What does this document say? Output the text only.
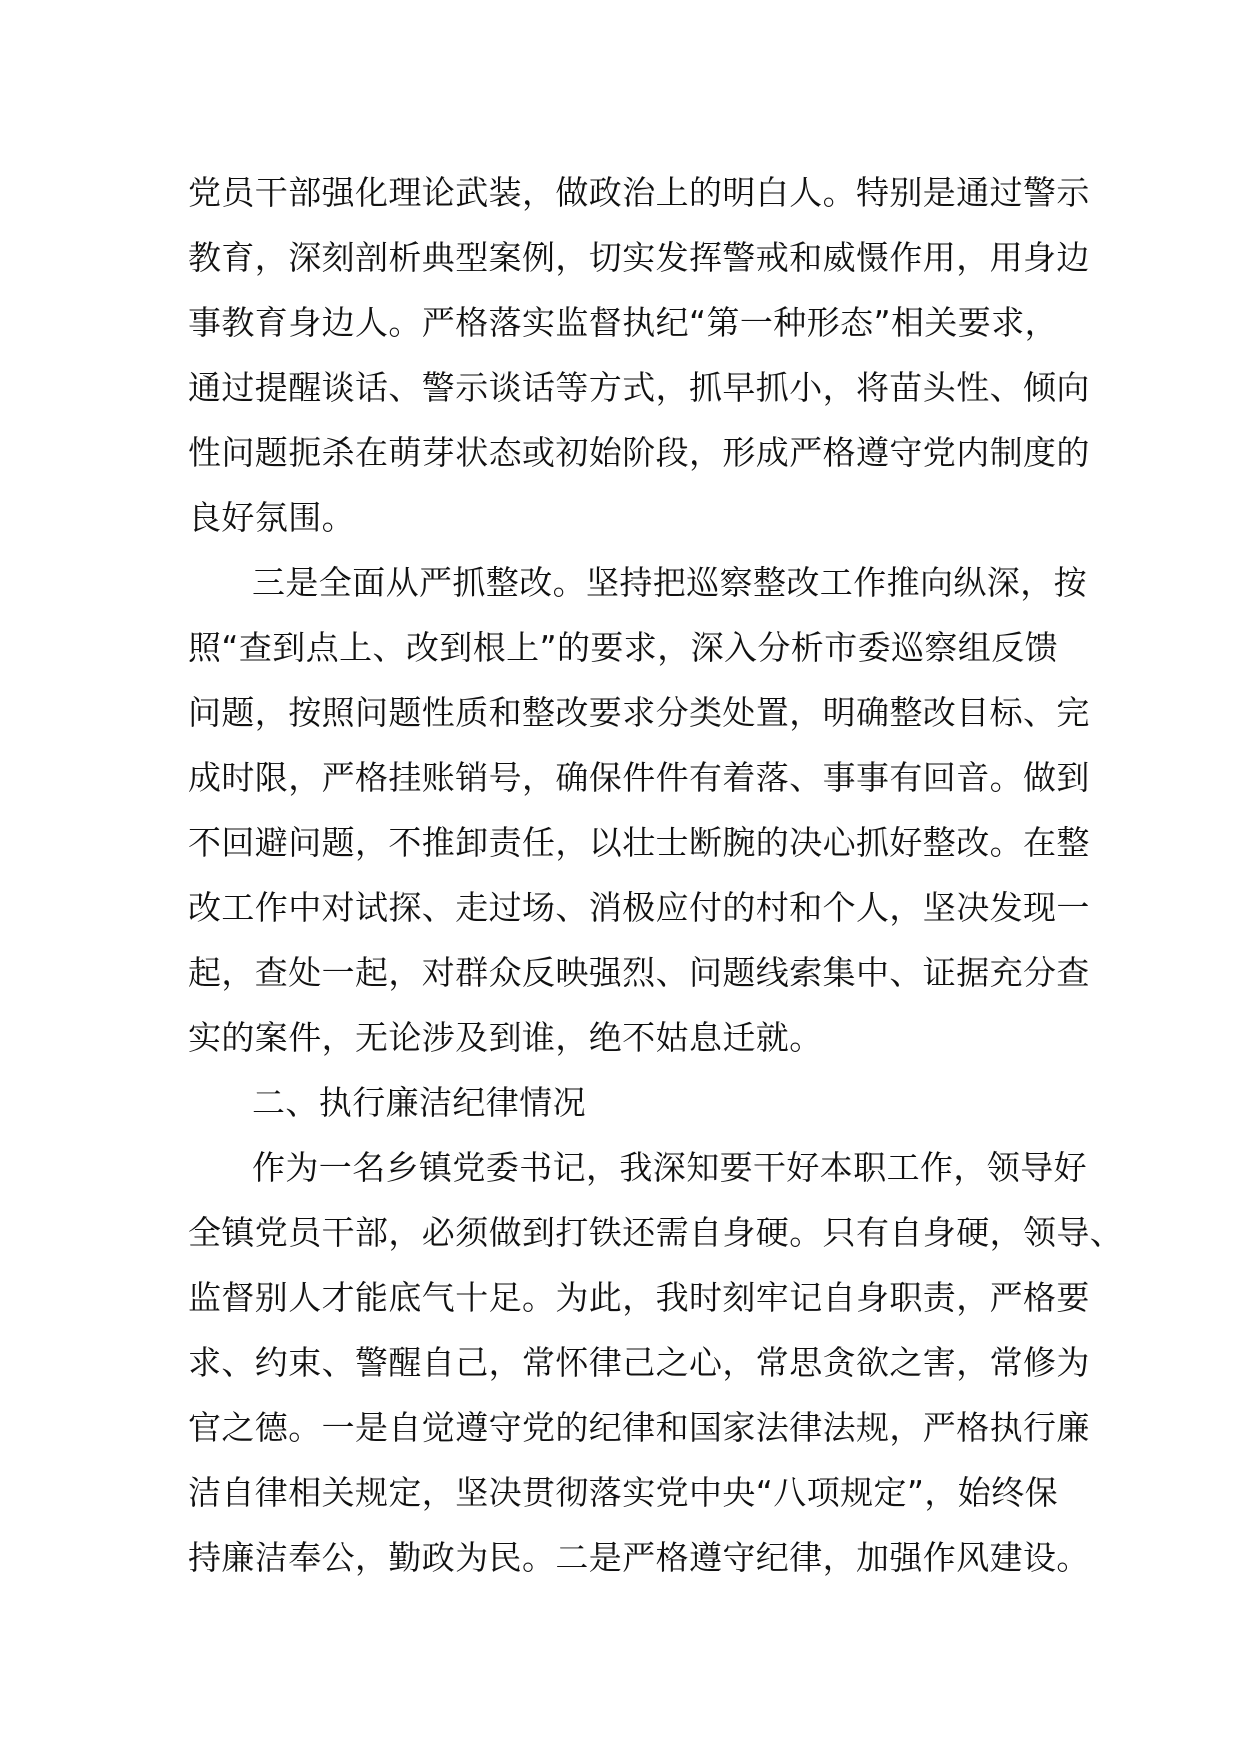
党员干部强化理论武装，做政治上的明白人。特别是通过警示
教育，深刻剖析典型案例，切实发挥警戒和威慑作用，用身边
事教育身边人。严格落实监督执纪“第一种形态”相关要求，
通过提醒谈话、警示谈话等方式，抓早抓小，将苗头性、倾向
性问题扼杀在萌芽状态或初始阶段，形成严格遵守党内制度的
良好氛围。
三是全面从严抓整改。坚持把巡察整改工作推向纵深，按
照“查到点上、改到根上”的要求，深入分析市委巡察组反馈
问题，按照问题性质和整改要求分类处置，明确整改目标、完
成时限，严格挂账销号，确保件件有着落、事事有回音。做到
不回避问题，不推卸责任，以壮士断腕的决心抓好整改。在整
改工作中对试探、走过场、消极应付的村和个人，坚决发现一
起，查处一起，对群众反映强烈、问题线索集中、证据充分查
实的案件，无论涉及到谁，绝不姑息迁就。
二、执行廉洁纪律情况
作为一名乡镇党委书记，我深知要干好本职工作，领导好
全镇党员干部，必须做到打铁还需自身硬。只有自身硬，领导、
监督别人才能底气十足。为此，我时刻牢记自身职责，严格要
求、约束、警醒自己，常怀律己之心，常思贪欲之害，常修为
官之德。一是自觉遵守党的纪律和国家法律法规，严格执行廉
洁自律相关规定，坚决贯彻落实党中央“八项规定”，始终保
持廉洁奉公，勤政为民。二是严格遵守纪律，加强作风建设。
